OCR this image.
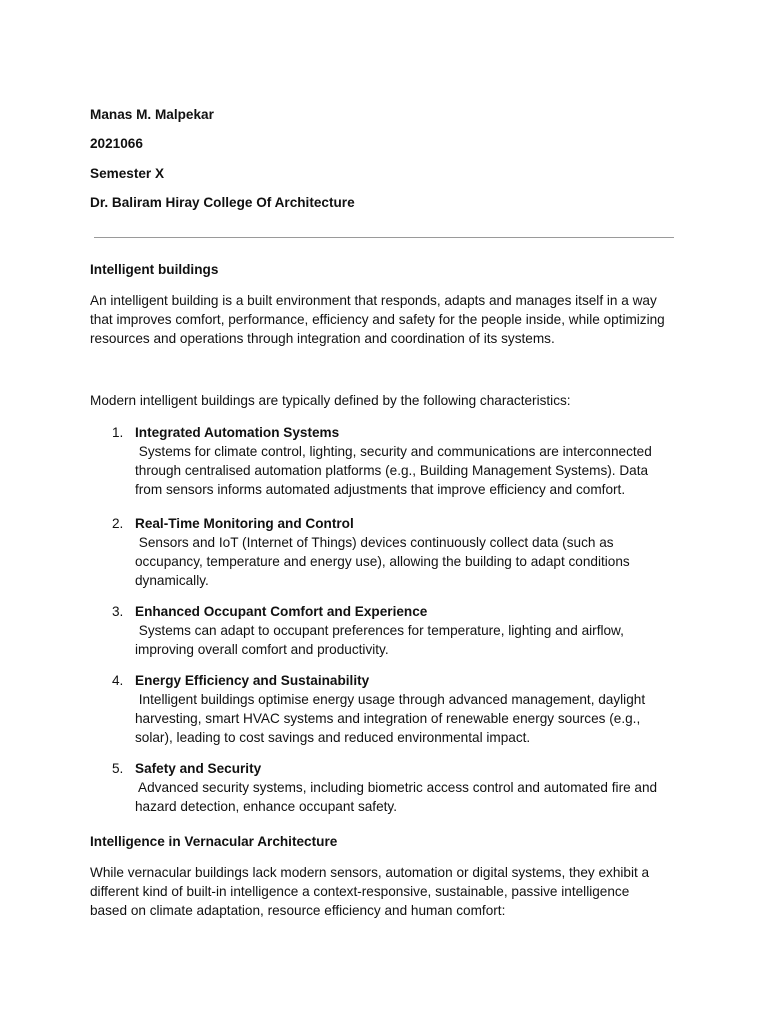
Manas M. Malpekar
2021066
Semester X
Dr. Baliram Hiray College Of Architecture
Intelligent buildings
An intelligent building is a built environment that responds, adapts and manages itself in a way
that improves comfort, performance, efficiency and safety for the people inside, while optimizing
resources and operations through integration and coordination of its systems.
Modern intelligent buildings are typically defined by the following characteristics:
1. Integrated Automation Systems
Systems for climate control, lighting, security and communications are interconnected
through centralised automation platforms (e.g., Building Management Systems). Data
from sensors informs automated adjustments that improve efficiency and comfort.
2. Real-Time Monitoring and Control
Sensors and IoT (Internet of Things) devices continuously collect data (such as
occupancy, temperature and energy use), allowing the building to adapt conditions
dynamically.
3. Enhanced Occupant Comfort and Experience
Systems can adapt to occupant preferences for temperature, lighting and airflow,
improving overall comfort and productivity.
4. Energy Efficiency and Sustainability
Intelligent buildings optimise energy usage through advanced management, daylight
harvesting, smart HVAC systems and integration of renewable energy sources (e.g.,
solar), leading to cost savings and reduced environmental impact.
5. Safety and Security
Advanced security systems, including biometric access control and automated fire and
hazard detection, enhance occupant safety.
Intelligence in Vernacular Architecture
While vernacular buildings lack modern sensors, automation or digital systems, they exhibit a
different kind of built-in intelligence a context-responsive, sustainable, passive intelligence
based on climate adaptation, resource efficiency and human comfort:
